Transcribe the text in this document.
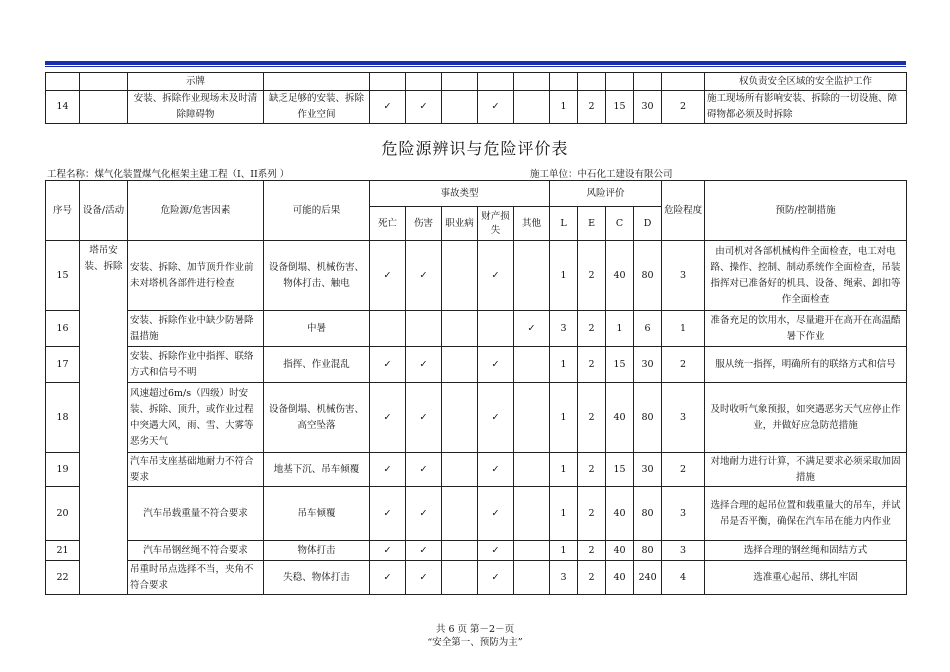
		示牌												权负责安全区域的安全监护工作
14		安装、拆除作业现场未及时清除障碍物	缺乏足够的安装、拆除作业空间	✓	✓		✓		1	2	15	30	2	施工现场所有影响安装、拆除的一切设施、障碍物都必须及时拆除
危险源辨识与危险评价表
工程名称：煤气化装置煤气化框架主建工程（I、II系列 ）	施工单位：中石化工建设有限公司
序号	设备/活动	危险源/危害因素	可能的后果	事故类型					风险评价				危险程度	预防/控制措施
				死亡	伤害	职业病	财产损失	其他	L	E	C	D		
15	塔吊安装、拆除	安装、拆除、加节顶升作业前未对塔机各部件进行检查	设备倒塌、机械伤害、物体打击、触电	✓	✓		✓		1	2	40	80	3	由司机对各部机械构件全面检查，电工对电路、操作、控制、制动系统作全面检查，吊装指挥对已准备好的机具、设备、绳索、卸扣等作全面检查
16		安装、拆除作业中缺少防暑降温措施	中暑					✓	3	2	1	6	1	准备充足的饮用水，尽量避开在高开在高温酷暑下作业
17		安装、拆除作业中指挥、联络方式和信号不明	指挥、作业混乱	✓	✓		✓		1	2	15	30	2	服从统一指挥，明确所有的联络方式和信号
18		风速超过6m/s（四级）时安装、拆除、顶升，或作业过程中突遇大风，雨、雪、大雾等恶劣天气	设备倒塌、机械伤害、高空坠落	✓	✓		✓		1	2	40	80	3	及时收听气象预报，如突遇恶劣天气应停止作业，并做好应急防范措施
19		汽车吊支座基础地耐力不符合要求	地基下沉、吊车倾覆	✓	✓		✓		1	2	15	30	2	对地耐力进行计算，不满足要求必须采取加固措施
20		汽车吊载重量不符合要求	吊车倾覆	✓	✓		✓		1	2	40	80	3	选择合理的起吊位置和载重量大的吊车，并试吊是否平衡，确保在汽车吊在能力内作业
21		汽车吊钢丝绳不符合要求	物体打击	✓	✓		✓		1	2	40	80	3	选择合理的钢丝绳和固结方式
22		吊重时吊点选择不当，夹角不符合要求	失稳、物体打击	✓	✓		✓		3	2	40	240	4	选准重心起吊、绑扎牢固
共 6 页 第－2－页
“安全第一、预防为主”
